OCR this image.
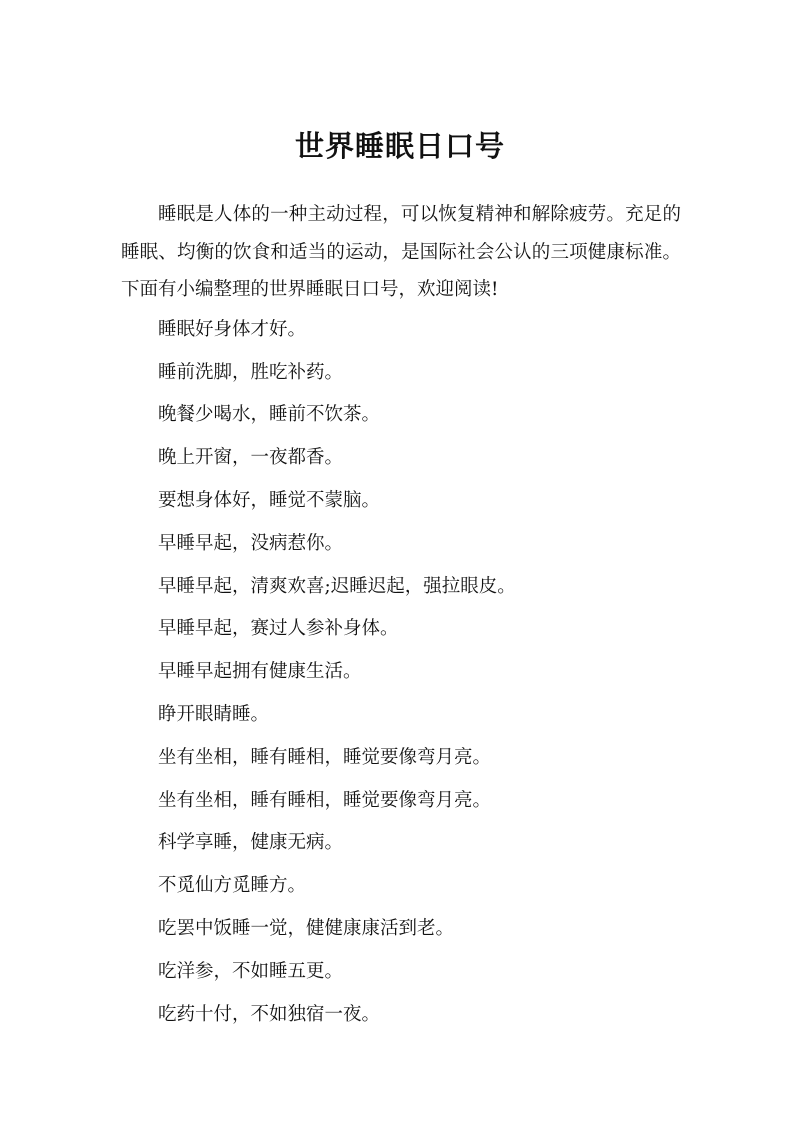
世界睡眠日口号

睡眠是人体的一种主动过程，可以恢复精神和解除疲劳。充足的睡眠、均衡的饮食和适当的运动，是国际社会公认的三项健康标准。下面有小编整理的世界睡眠日口号，欢迎阅读!

睡眠好身体才好。
睡前洗脚，胜吃补药。
晚餐少喝水，睡前不饮茶。
晚上开窗，一夜都香。
要想身体好，睡觉不蒙脑。
早睡早起，没病惹你。
早睡早起，清爽欢喜;迟睡迟起，强拉眼皮。
早睡早起，赛过人参补身体。
早睡早起拥有健康生活。
睁开眼睛睡。
坐有坐相，睡有睡相，睡觉要像弯月亮。
坐有坐相，睡有睡相，睡觉要像弯月亮。
科学享睡，健康无病。
不觅仙方觅睡方。
吃罢中饭睡一觉，健健康康活到老。
吃洋参，不如睡五更。
吃药十付，不如独宿一夜。
